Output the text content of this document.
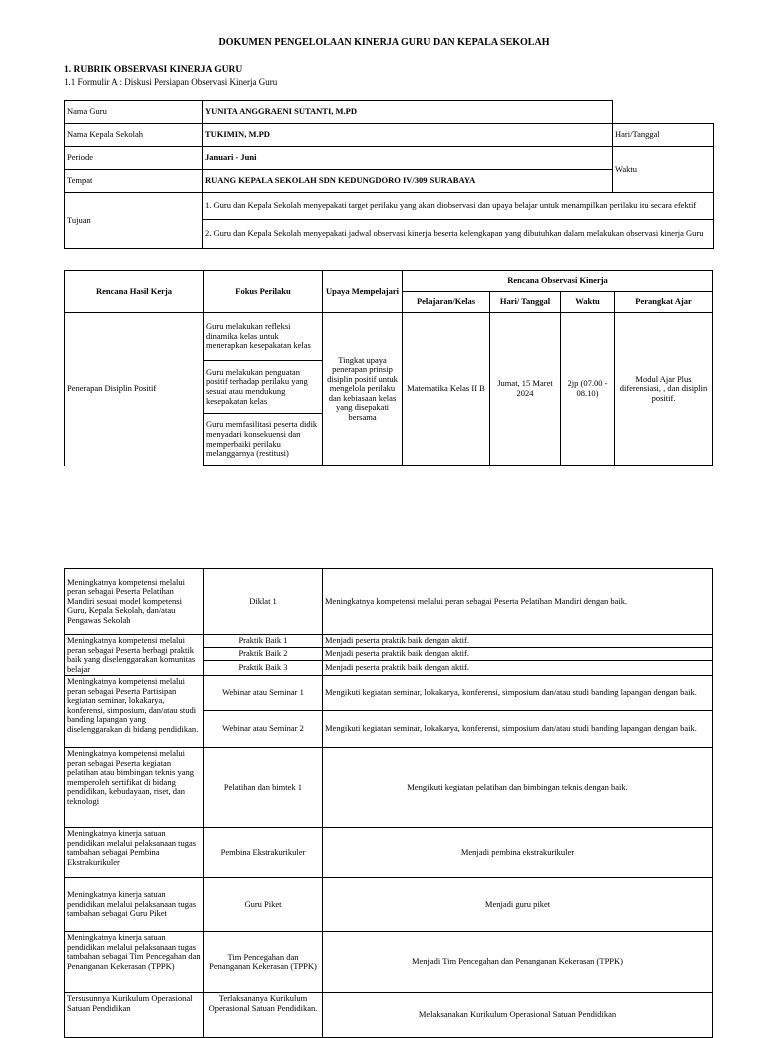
DOKUMEN PENGELOLAAN KINERJA GURU DAN KEPALA SEKOLAH
1. RUBRIK OBSERVASI KINERJA GURU
1.1 Formulir A : Diskusi Persiapan Observasi Kinerja Guru
Nama Guru	YUNITA ANGGRAENI SUTANTI, M.PD		
Nama Kepala Sekolah	TUKIMIN, M.PD	Hari/Tanggal	
Periode	Januari - Juni	Waktu	
Tempat	RUANG KEPALA SEKOLAH SDN KEDUNGDORO IV/309 SURABAYA		
Tujuan	1. Guru dan Kepala Sekolah menyepakati target perilaku yang akan diobservasi dan upaya belajar untuk menampilkan perilaku itu secara efektif		
	2. Guru dan Kepala Sekolah menyepakati jadwal observasi kinerja beserta kelengkapan yang dibutuhkan dalam melakukan observasi kinerja Guru		
Rencana Hasil Kerja	Fokus Perilaku	Upaya Mempelajari	Rencana Observasi Kinerja			
			Pelajaran/Kelas	Hari/ Tanggal	Waktu	Perangkat Ajar
Penerapan Disiplin Positif	Guru melakukan refleksi dinamika kelas untuk menerapkan kesepakatan kelas	Tingkat upaya penerapan prinsip disiplin positif untuk mengelola perilaku dan kebiasaan kelas yang disepakati bersama	Matematika Kelas II B	Jumat, 15 Maret 2024	2jp (07.00 - 08.10)	Modul Ajar Plus diferensiasi, , dan disiplin positif.
	Guru melakukan penguatan positif terhadap perilaku yang sesuai atau mendukung kesepakatan kelas					
	Guru memfasilitasi peserta didik menyadari konsekuensi dan memperbaiki perilaku melanggarnya (restitusi)					
Meningkatnya kompetensi melalui peran sebagai Peserta Pelatihan Mandiri sesuai model kompetensi Guru, Kepala Sekolah, dan/atau Pengawas Sekolah	Diklat 1	Meningkatnya kompetensi melalui peran sebagai Peserta Pelatihan Mandiri dengan baik.
Meningkatnya kompetensi melalui peran sebagai Peserta berbagi praktik baik yang diselenggarakan komunitas belajar	Praktik Baik 1	Menjadi peserta praktik baik dengan aktif.
	Praktik Baik 2	Menjadi peserta praktik baik dengan aktif.
	Praktik Baik 3	Menjadi peserta praktik baik dengan aktif.
Meningkatnya kompetensi melalui peran sebagai Peserta Partisipan kegiatan seminar, lokakarya, konferensi, simposium, dan/atau studi banding lapangan yang diselenggarakan di bidang pendidikan.	Webinar atau Seminar 1	Mengikuti kegiatan seminar, lokakarya, konferensi, simposium dan/atau studi banding lapangan dengan baik.
	Webinar atau Seminar 2	Mengikuti kegiatan seminar, lokakarya, konferensi, simposium dan/atau studi banding lapangan dengan baik.
Meningkatnya kompetensi melalui peran sebagai Peserta kegiatan pelatihan atau bimbingan teknis yang memperoleh sertifikat di bidang pendidikan, kebudayaan, riset, dan teknologi	Pelatihan dan bimtek 1	Mengikuti kegiatan pelatihan dan bimbingan teknis dengan baik.
Meningkatnya kinerja satuan pendidikan melalui pelaksanaan tugas tambahan sebagai Pembina Ekstrakurikuler	Pembina Ekstrakurikuler	Menjadi pembina ekstrakurikuler
Meningkatnya kinerja satuan pendidikan melalui pelaksanaan tugas tambahan sebagai Guru Piket	Guru Piket	Menjadi guru piket
Meningkatnya kinerja satuan pendidikan melalui pelaksanaan tugas tambahan sebagai Tim Pencegahan dan Penanganan Kekerasan (TPPK)	Tim Pencegahan dan Penanganan Kekerasan (TPPK)	Menjadi Tim Pencegahan dan Penanganan Kekerasan (TPPK)
Tersusunnya Kurikulum Operasional Satuan Pendidikan	Terlaksananya Kurikulum Operasional Satuan Pendidikan.	Melaksanakan Kurikulum Operasional Satuan Pendidikan
